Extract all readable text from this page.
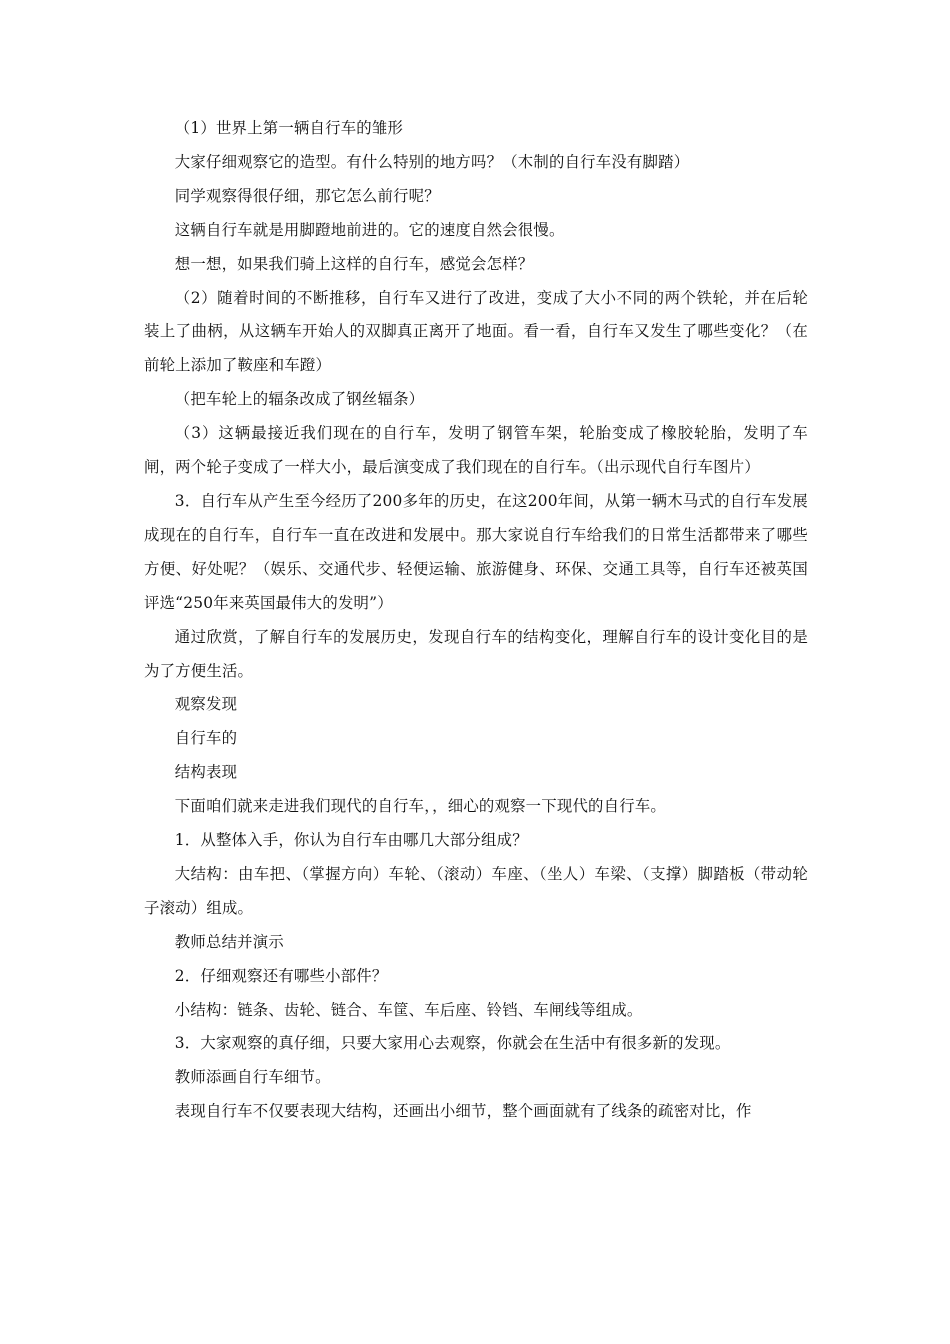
（1）世界上第一辆自行车的雏形

大家仔细观察它的造型。有什么特别的地方吗？（木制的自行车没有脚踏）

同学观察得很仔细，那它怎么前行呢？

这辆自行车就是用脚蹬地前进的。它的速度自然会很慢。

想一想，如果我们骑上这样的自行车，感觉会怎样？

（2）随着时间的不断推移，自行车又进行了改进，变成了大小不同的两个铁轮，并在后轮装上了曲柄，从这辆车开始人的双脚真正离开了地面。看一看，自行车又发生了哪些变化？（在前轮上添加了鞍座和车蹬）

（把车轮上的辐条改成了钢丝辐条）

（3）这辆最接近我们现在的自行车，发明了钢管车架，轮胎变成了橡胶轮胎，发明了车闸，两个轮子变成了一样大小，最后演变成了我们现在的自行车。（出示现代自行车图片）

3．自行车从产生至今经历了200多年的历史，在这200年间，从第一辆木马式的自行车发展成现在的自行车，自行车一直在改进和发展中。那大家说自行车给我们的日常生活都带来了哪些方便、好处呢？（娱乐、交通代步、轻便运输、旅游健身、环保、交通工具等，自行车还被英国评选“250年来英国最伟大的发明”）

通过欣赏，了解自行车的发展历史，发现自行车的结构变化，理解自行车的设计变化目的是为了方便生活。

观察发现

自行车的

结构表现

下面咱们就来走进我们现代的自行车，，细心的观察一下现代的自行车。

1．从整体入手，你认为自行车由哪几大部分组成？

大结构：由车把、（掌握方向）车轮、（滚动）车座、（坐人）车梁、（支撑）脚踏板（带动轮子滚动）组成。

教师总结并演示

2．仔细观察还有哪些小部件？

小结构：链条、齿轮、链合、车筐、车后座、铃铛、车闸线等组成。

3．大家观察的真仔细，只要大家用心去观察，你就会在生活中有很多新的发现。

教师添画自行车细节。

表现自行车不仅要表现大结构，还画出小细节，整个画面就有了线条的疏密对比，作
